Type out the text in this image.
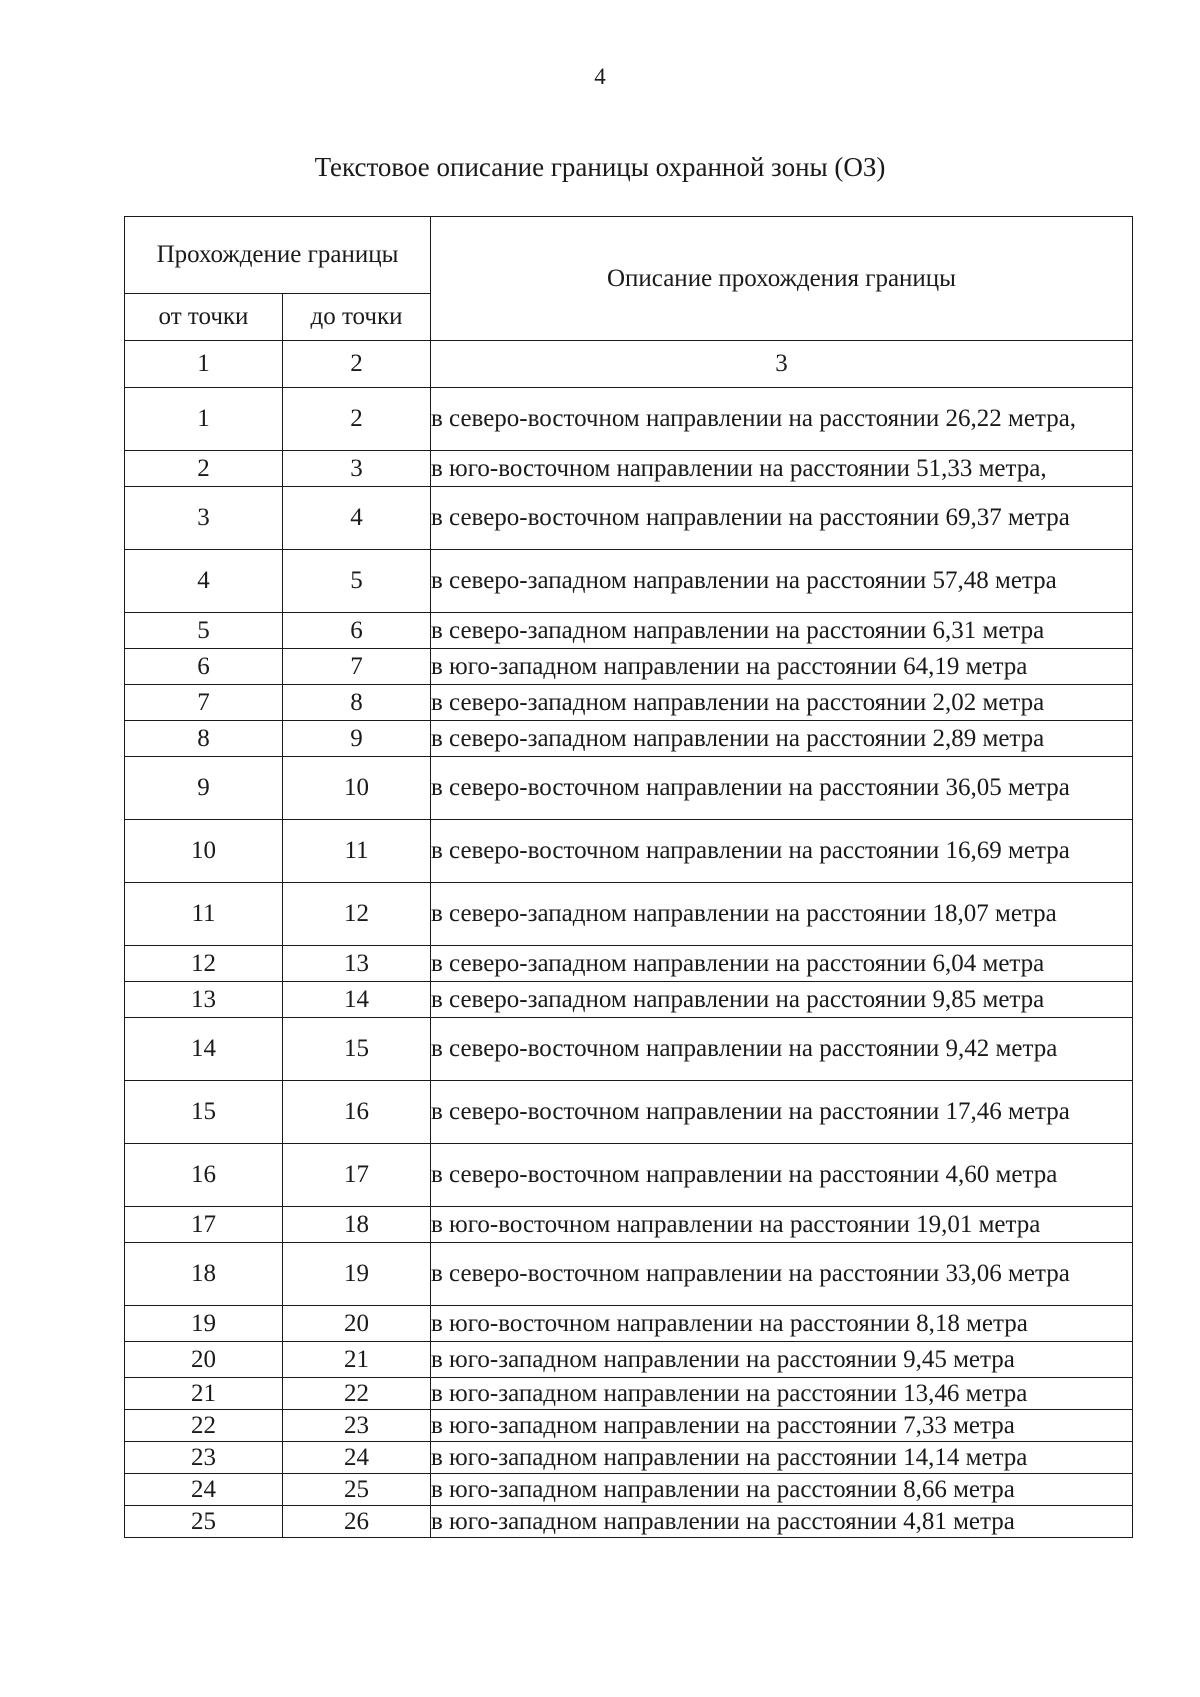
4
Текстовое описание границы охранной зоны (ОЗ)
Прохождение границы		Описание прохождения границы
от точки	до точки	
1	2	3
1	2	в северо-восточном направлении на расстоянии 26,22 метра,
2	3	в юго-восточном направлении на расстоянии 51,33 метра,
3	4	в северо-восточном направлении на расстоянии 69,37 метра
4	5	в северо-западном направлении на расстоянии 57,48 метра
5	6	в северо-западном направлении на расстоянии 6,31 метра
6	7	в юго-западном направлении на расстоянии 64,19 метра
7	8	в северо-западном направлении на расстоянии 2,02 метра
8	9	в северо-западном направлении на расстоянии 2,89 метра
9	10	в северо-восточном направлении на расстоянии 36,05 метра
10	11	в северо-восточном направлении на расстоянии 16,69 метра
11	12	в северо-западном направлении на расстоянии 18,07 метра
12	13	в северо-западном направлении на расстоянии 6,04 метра
13	14	в северо-западном направлении на расстоянии 9,85 метра
14	15	в северо-восточном направлении на расстоянии 9,42 метра
15	16	в северо-восточном направлении на расстоянии 17,46 метра
16	17	в северо-восточном направлении на расстоянии 4,60 метра
17	18	в юго-восточном направлении на расстоянии 19,01 метра
18	19	в северо-восточном направлении на расстоянии 33,06 метра
19	20	в юго-восточном направлении на расстоянии 8,18 метра
20	21	в юго-западном направлении на расстоянии 9,45 метра
21	22	в юго-западном направлении на расстоянии 13,46 метра
22	23	в юго-западном направлении на расстоянии 7,33 метра
23	24	в юго-западном направлении на расстоянии 14,14 метра
24	25	в юго-западном направлении на расстоянии 8,66 метра
25	26	в юго-западном направлении на расстоянии 4,81 метра
